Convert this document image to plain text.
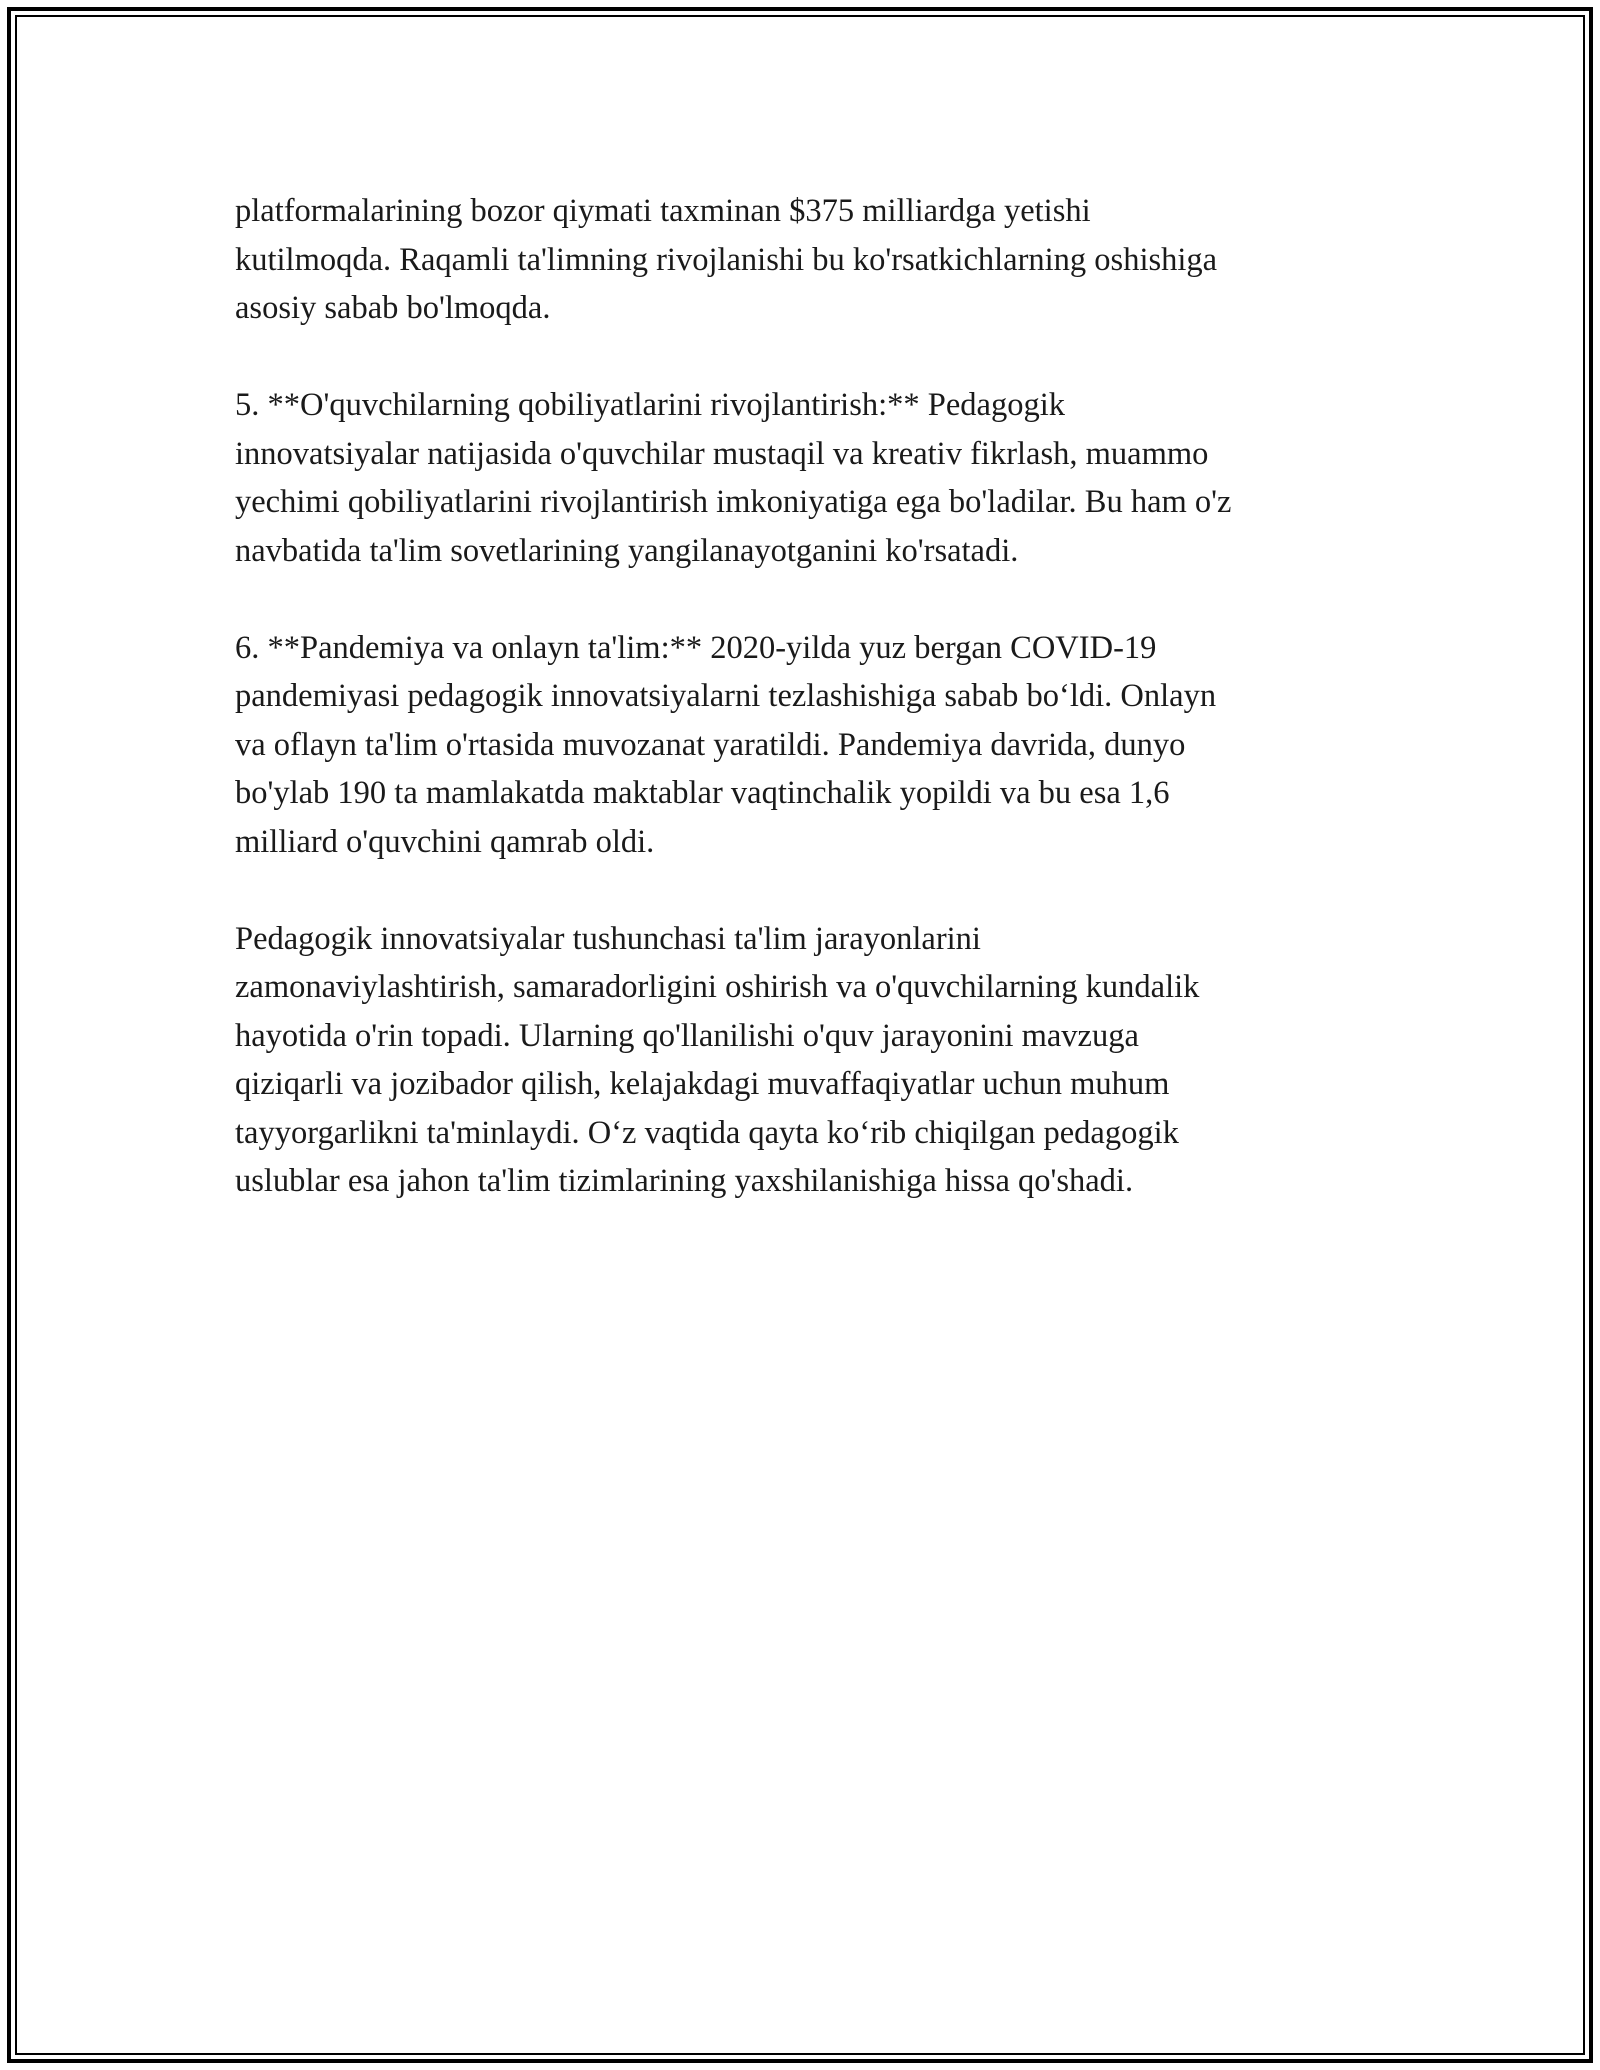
platformalarining bozor qiymati taxminan $375 milliardga yetishi
kutilmoqda. Raqamli ta'limning rivojlanishi bu ko'rsatkichlarning oshishiga
asosiy sabab bo'lmoqda.

5. **O'quvchilarning qobiliyatlarini rivojlantirish:** Pedagogik
innovatsiyalar natijasida o'quvchilar mustaqil va kreativ fikrlash, muammo
yechimi qobiliyatlarini rivojlantirish imkoniyatiga ega bo'ladilar. Bu ham o'z
navbatida ta'lim sovetlarining yangilanayotganini ko'rsatadi.

6. **Pandemiya va onlayn ta'lim:** 2020-yilda yuz bergan COVID-19
pandemiyasi pedagogik innovatsiyalarni tezlashishiga sabab bo‘ldi. Onlayn
va oflayn ta'lim o'rtasida muvozanat yaratildi. Pandemiya davrida, dunyo
bo'ylab 190 ta mamlakatda maktablar vaqtinchalik yopildi va bu esa 1,6
milliard o'quvchini qamrab oldi.

Pedagogik innovatsiyalar tushunchasi ta'lim jarayonlarini
zamonaviylashtirish, samaradorligini oshirish va o'quvchilarning kundalik
hayotida o'rin topadi. Ularning qo'llanilishi o'quv jarayonini mavzuga
qiziqarli va jozibador qilish, kelajakdagi muvaffaqiyatlar uchun muhum
tayyorgarlikni ta'minlaydi. O‘z vaqtida qayta ko‘rib chiqilgan pedagogik
uslublar esa jahon ta'lim tizimlarining yaxshilanishiga hissa qo'shadi.
